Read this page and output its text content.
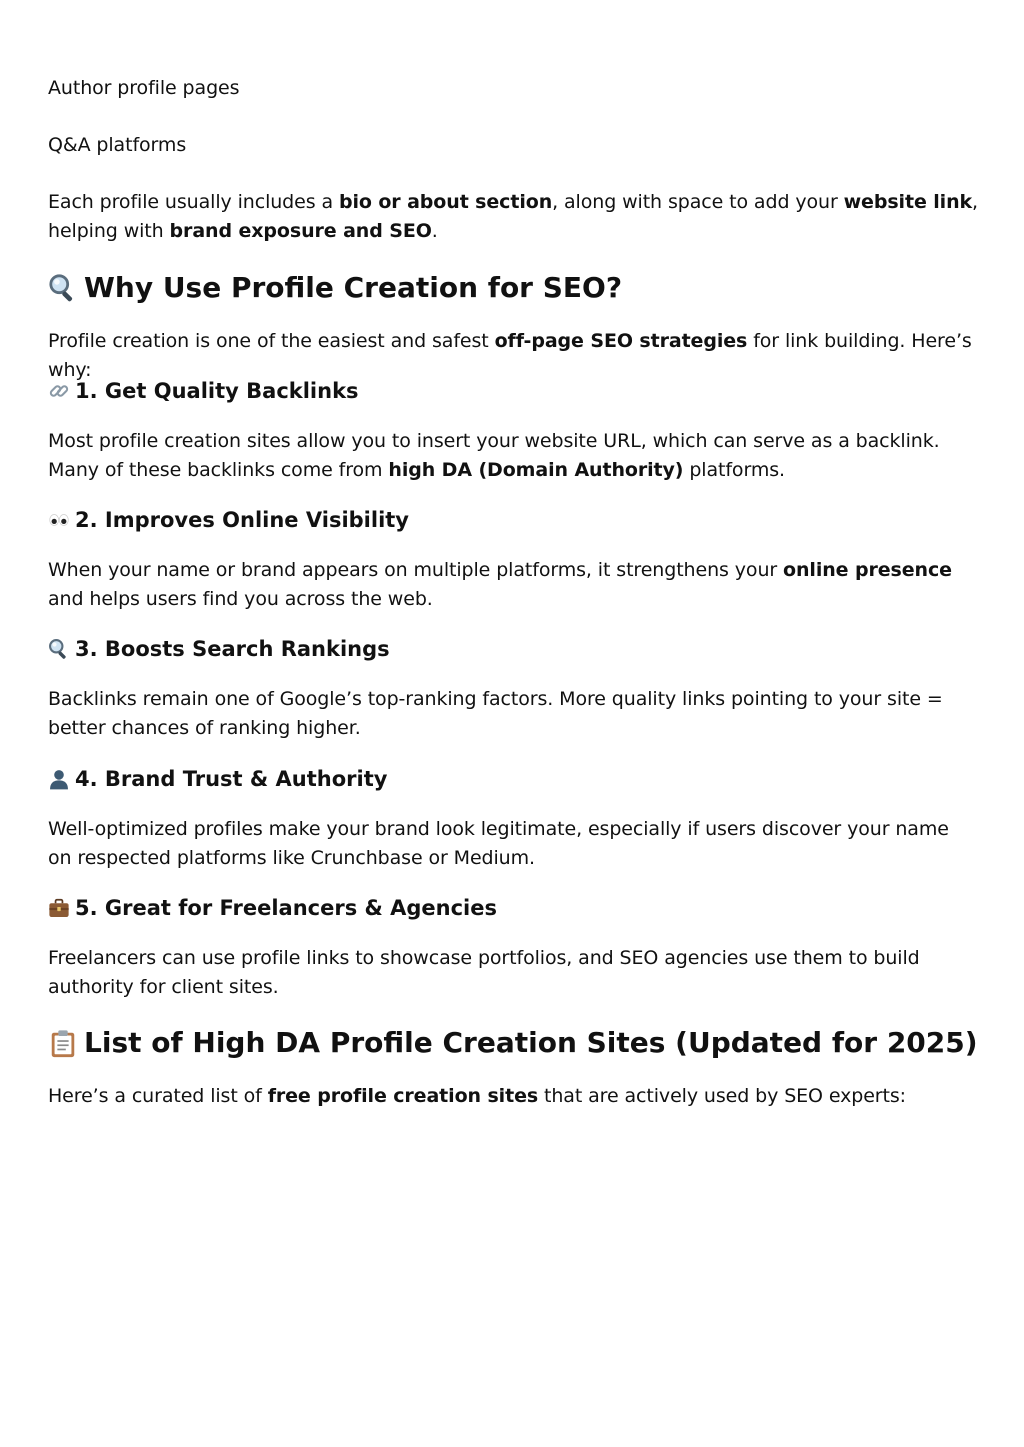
Author profile pages

Q&A platforms

Each profile usually includes a bio or about section, along with space to add your website link, helping with brand exposure and SEO.

Why Use Profile Creation for SEO?

Profile creation is one of the easiest and safest off-page SEO strategies for link building. Here’s why:

1. Get Quality Backlinks

Most profile creation sites allow you to insert your website URL, which can serve as a backlink. Many of these backlinks come from high DA (Domain Authority) platforms.

2. Improves Online Visibility

When your name or brand appears on multiple platforms, it strengthens your online presence and helps users find you across the web.

3. Boosts Search Rankings

Backlinks remain one of Google’s top-ranking factors. More quality links pointing to your site = better chances of ranking higher.

4. Brand Trust & Authority

Well-optimized profiles make your brand look legitimate, especially if users discover your name on respected platforms like Crunchbase or Medium.

5. Great for Freelancers & Agencies

Freelancers can use profile links to showcase portfolios, and SEO agencies use them to build authority for client sites.

List of High DA Profile Creation Sites (Updated for 2025)

Here’s a curated list of free profile creation sites that are actively used by SEO experts:
